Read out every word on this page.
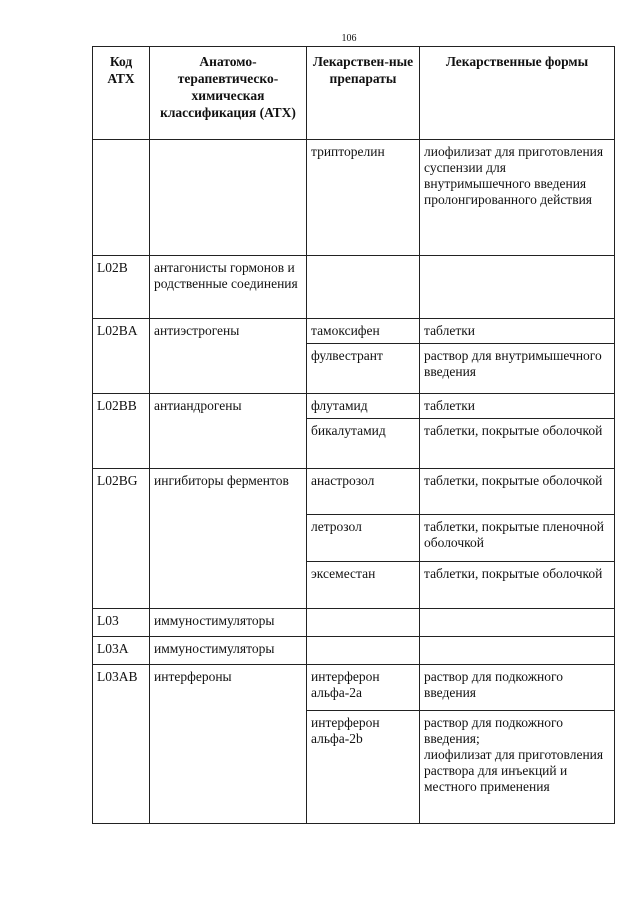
106
Код АТХ	Анатомо-терапевтическо-химическая классификация (АТХ)	Лекарствен-ные препараты	Лекарственные формы
		трипторелин	лиофилизат для приготовления суспензии для внутримышечного введения пролонгированного действия
L02B	антагонисты гормонов и родственные соединения		
L02BA	антиэстрогены	тамоксифен	таблетки
		фулвестрант	раствор для внутримышечного введения
L02BB	антиандрогены	флутамид	таблетки
		бикалутамид	таблетки, покрытые оболочкой
L02BG	ингибиторы ферментов	анастрозол	таблетки, покрытые оболочкой
		летрозол	таблетки, покрытые пленочной оболочкой
		эксеместан	таблетки, покрытые оболочкой
L03	иммуностимуляторы		
L03A	иммуностимуляторы		
L03AB	интерфероны	интерферон альфа-2a	раствор для подкожного введения
		интерферон альфа-2b	раствор для подкожного введения;
лиофилизат для приготовления раствора для инъекций и местного применения
